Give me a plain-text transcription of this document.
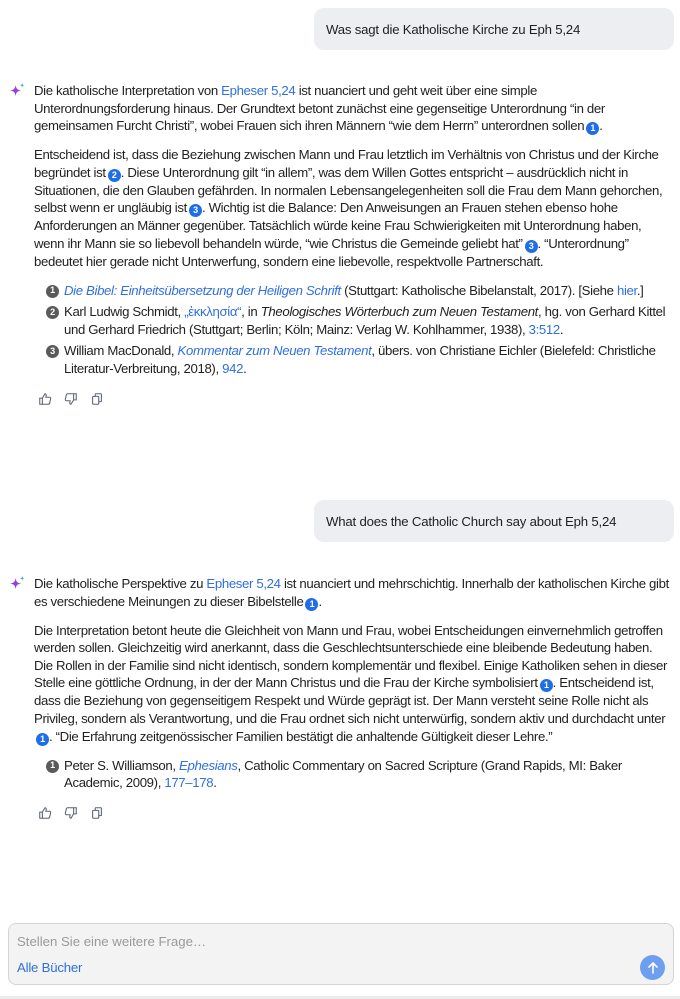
Was sagt die Katholische Kirche zu Eph 5,24

Die katholische Interpretation von Epheser 5,24 ist nuanciert und geht weit über eine simple Unterordnungsforderung hinaus. Der Grundtext betont zunächst eine gegenseitige Unterordnung “in der gemeinsamen Furcht Christi”, wobei Frauen sich ihren Männern “wie dem Herrn” unterordnen sollen 1 .

Entscheidend ist, dass die Beziehung zwischen Mann und Frau letztlich im Verhältnis von Christus und der Kirche begründet ist 2 . Diese Unterordnung gilt “in allem”, was dem Willen Gottes entspricht – ausdrücklich nicht in Situationen, die den Glauben gefährden. In normalen Lebensangelegenheiten soll die Frau dem Mann gehorchen, selbst wenn er ungläubig ist 3 . Wichtig ist die Balance: Den Anweisungen an Frauen stehen ebenso hohe Anforderungen an Männer gegenüber. Tatsächlich würde keine Frau Schwierigkeiten mit Unterordnung haben, wenn ihr Mann sie so liebevoll behandeln würde, “wie Christus die Gemeinde geliebt hat” 3 . “Unterordnung” bedeutet hier gerade nicht Unterwerfung, sondern eine liebevolle, respektvolle Partnerschaft.

1 Die Bibel: Einheitsübersetzung der Heiligen Schrift (Stuttgart: Katholische Bibelanstalt, 2017). [Siehe hier.]
2 Karl Ludwig Schmidt, „ἐκκλησία“, in Theologisches Wörterbuch zum Neuen Testament, hg. von Gerhard Kittel und Gerhard Friedrich (Stuttgart; Berlin; Köln; Mainz: Verlag W. Kohlhammer, 1938), 3:512.
3 William MacDonald, Kommentar zum Neuen Testament, übers. von Christiane Eichler (Bielefeld: Christliche Literatur-Verbreitung, 2018), 942.
What does the Catholic Church say about Eph 5,24

Die katholische Perspektive zu Epheser 5,24 ist nuanciert und mehrschichtig. Innerhalb der katholischen Kirche gibt es verschiedene Meinungen zu dieser Bibelstelle 1 .

Die Interpretation betont heute die Gleichheit von Mann und Frau, wobei Entscheidungen einvernehmlich getroffen werden sollen. Gleichzeitig wird anerkannt, dass die Geschlechtsunterschiede eine bleibende Bedeutung haben. Die Rollen in der Familie sind nicht identisch, sondern komplementär und flexibel. Einige Katholiken sehen in dieser Stelle eine göttliche Ordnung, in der der Mann Christus und die Frau der Kirche symbolisiert 1 . Entscheidend ist, dass die Beziehung von gegenseitigem Respekt und Würde geprägt ist. Der Mann versteht seine Rolle nicht als Privileg, sondern als Verantwortung, und die Frau ordnet sich nicht unterwürfig, sondern aktiv und durchdacht unter1 . “Die Erfahrung zeitgenössischer Familien bestätigt die anhaltende Gültigkeit dieser Lehre.”

1 Peter S. Williamson, Ephesians, Catholic Commentary on Sacred Scripture (Grand Rapids, MI: Baker Academic, 2009), 177–178.
Stellen Sie eine weitere Frage…
Alle Bücher
